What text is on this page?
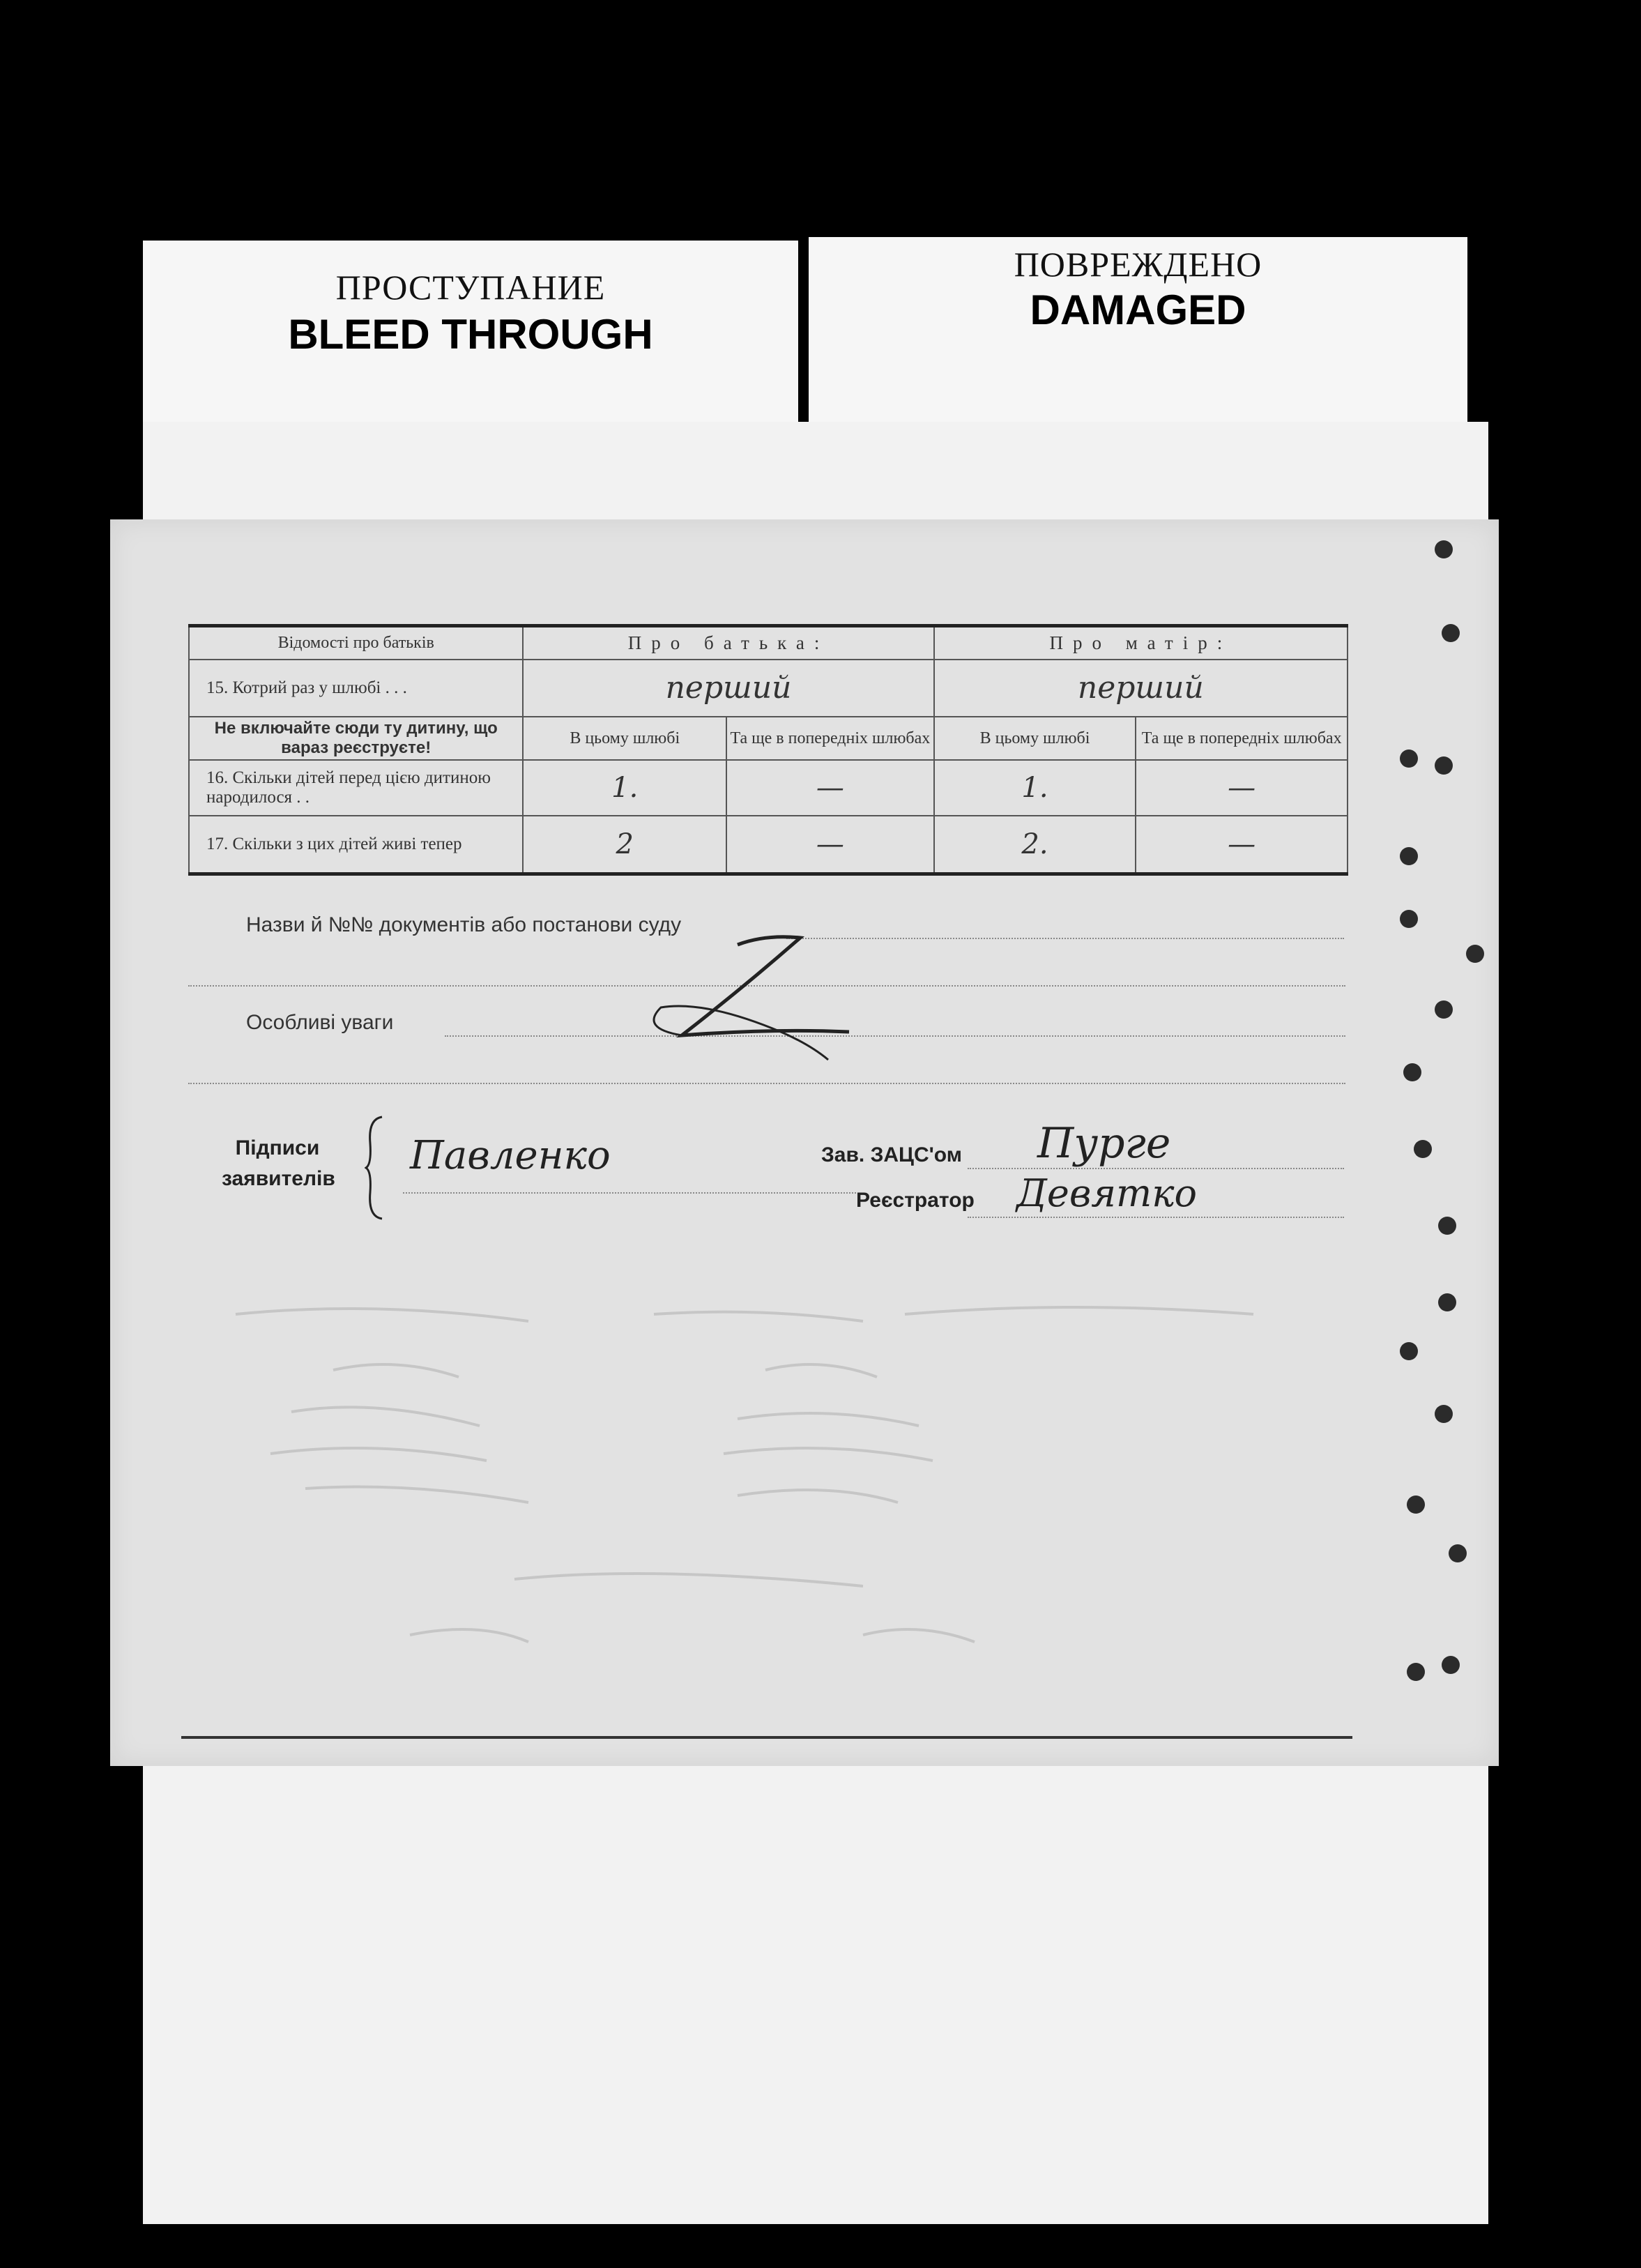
ПРОСТУПАНИЕ
BLEED THROUGH
ПОВРЕЖДЕНО
DAMAGED
Відомості про батьків	Про батька:		Про матір:	
15. Котрий раз у шлюбі . . .	перший		перший	
Не включайте сюди ту дитину, що вараз реєструєте!	В цьому шлюбі	Та ще в попередніх шлюбах	В цьому шлюбі	Та ще в попередніх шлюбах
16. Скільки дітей перед цією дитиною народилося . .	1.	—	1.	—
17. Скільки з цих дітей живі тепер	2	—	2.	—
Назви й №№ документів або постанови суду
Особливі уваги
Підписи заявителів
Павленко	Зав. ЗАЦС'ом Пурге
Реєстратор Девятко
